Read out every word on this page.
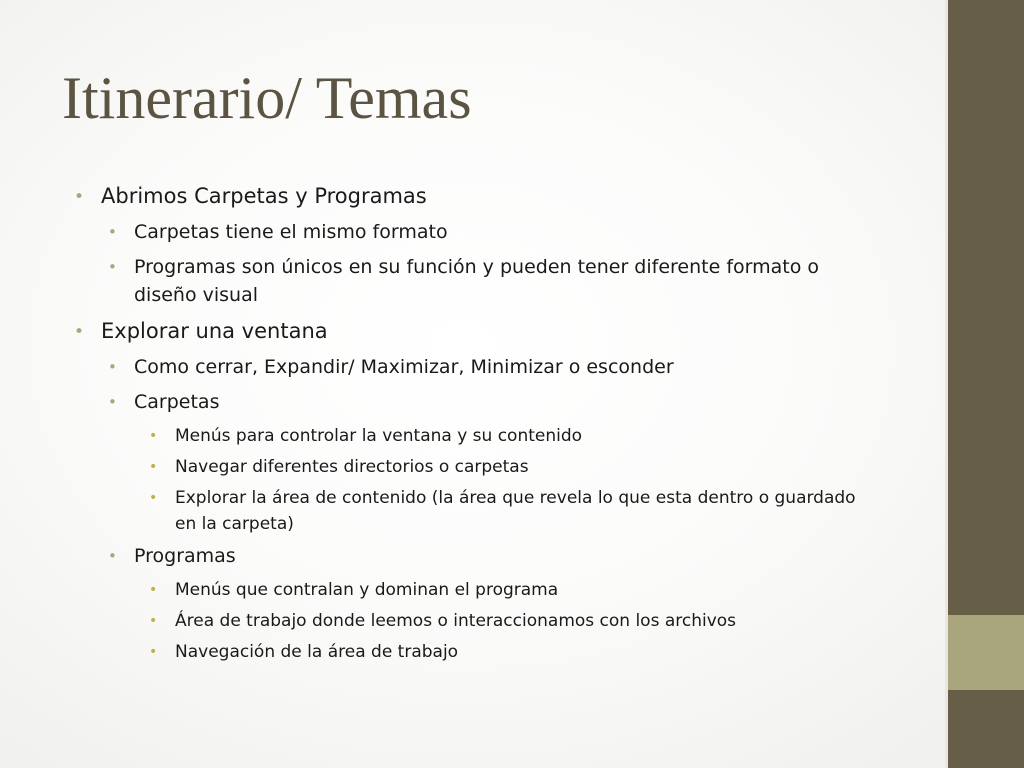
Itinerario/ Temas

• Abrimos Carpetas y Programas

• Carpetas tiene el mismo formato

• Programas son únicos en su función y pueden tener diferente formato o diseño visual

• Explorar una ventana

• Como cerrar, Expandir/ Maximizar, Minimizar o esconder

• Carpetas

• Menús para controlar la ventana y su contenido

• Navegar diferentes directorios o carpetas

• Explorar la área de contenido (la área que revela lo que esta dentro o guardado en la carpeta)

• Programas

• Menús que contralan y dominan el programa

• Área de trabajo donde leemos o interaccionamos con los archivos

• Navegación de la área de trabajo
